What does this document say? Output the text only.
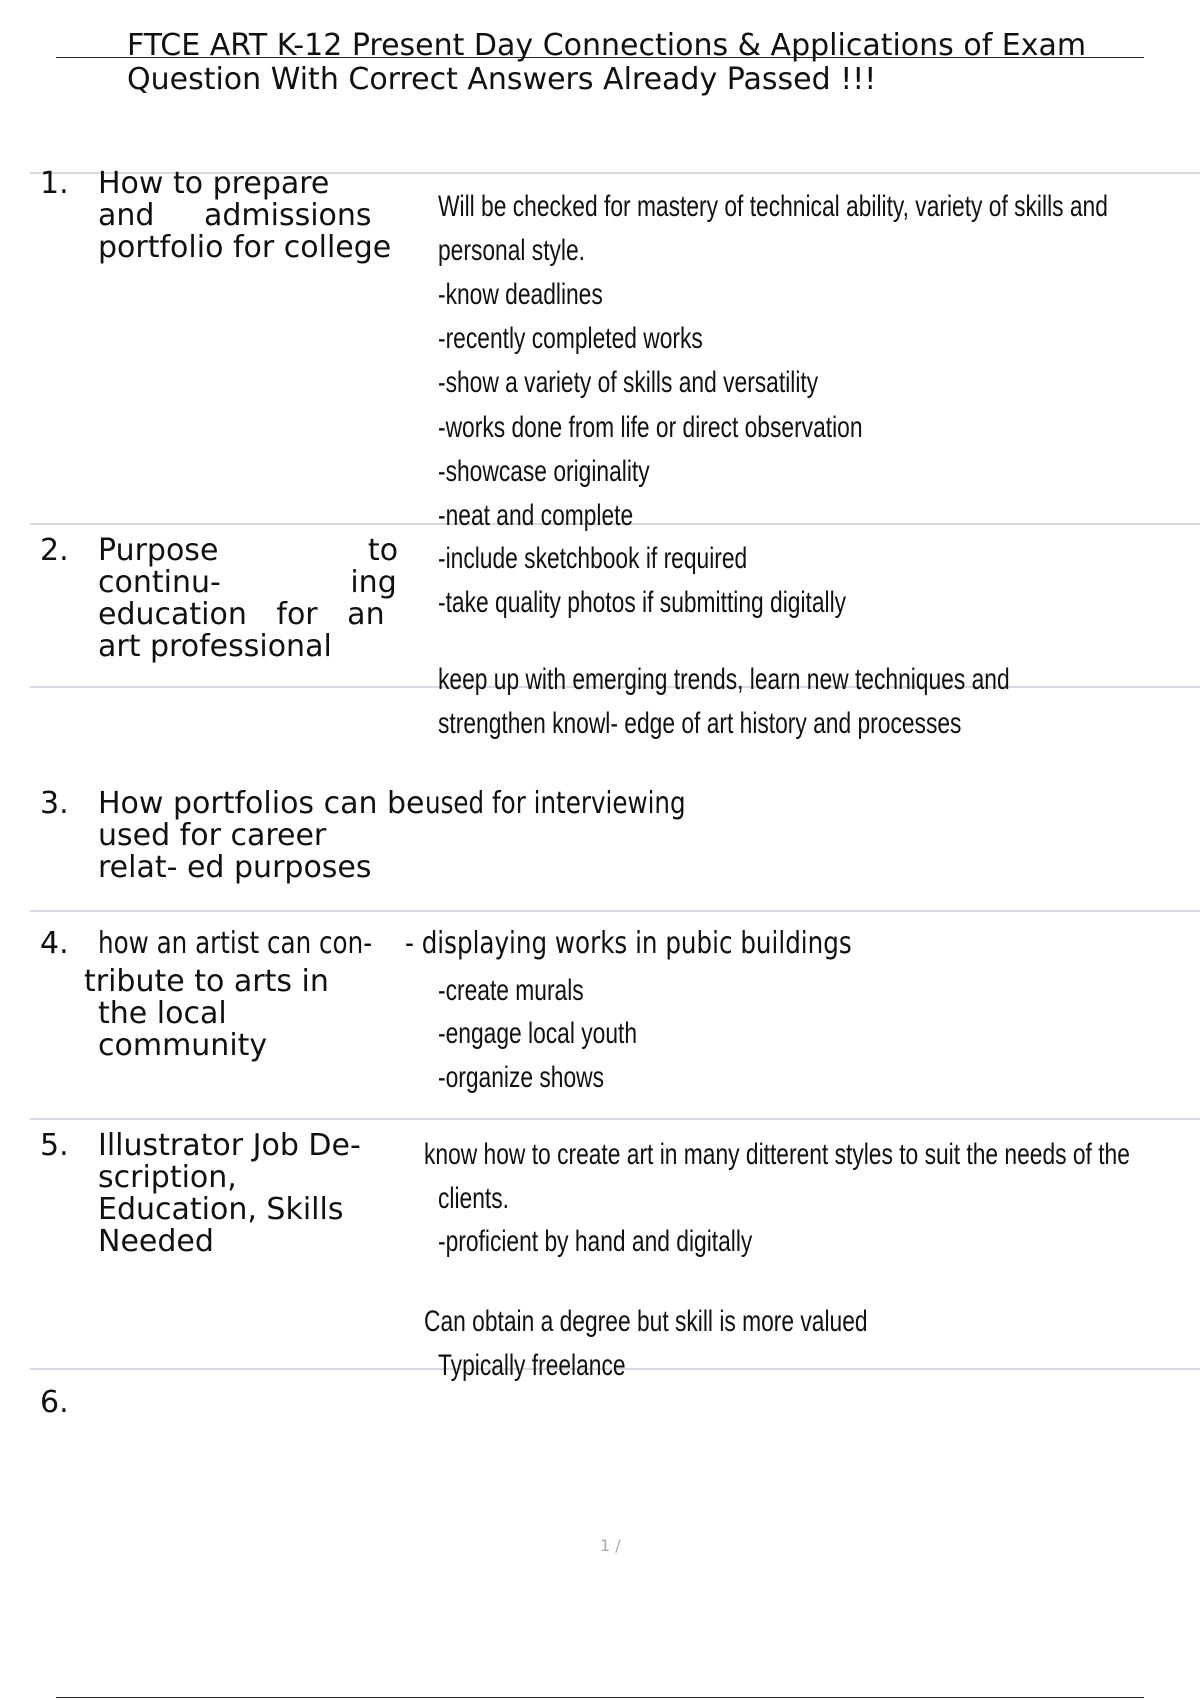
FTCE ART K-12 Present Day Connections & Applications of Exam
Question With Correct Answers Already Passed !!!
1. How to prepare
and admissions
portfolio for college
Will be checked for mastery of technical ability, variety of skills and
personal style.
-know deadlines
-recently completed works
-show a variety of skills and versatility
-works done from life or direct observation
-showcase originality
-neat and complete
-include sketchbook if required
-take quality photos if submitting digitally
2. Purpose to
continu- ing
education for an
art professional
keep up with emerging trends, learn new techniques and
strengthen knowl- edge of art history and processes
3. How portfolios can be
used for career
relat- ed purposes
used for interviewing
4. how an artist can con-
tribute to arts in
the local
community
- displaying works in pubic buildings
-create murals
-engage local youth
-organize shows
5. Illustrator Job De-
scription,
Education, Skills
Needed
know how to create art in many ditterent styles to suit the needs of the
clients.
-proficient by hand and digitally
Can obtain a degree but skill is more valued
Typically freelance
6.
1 /
